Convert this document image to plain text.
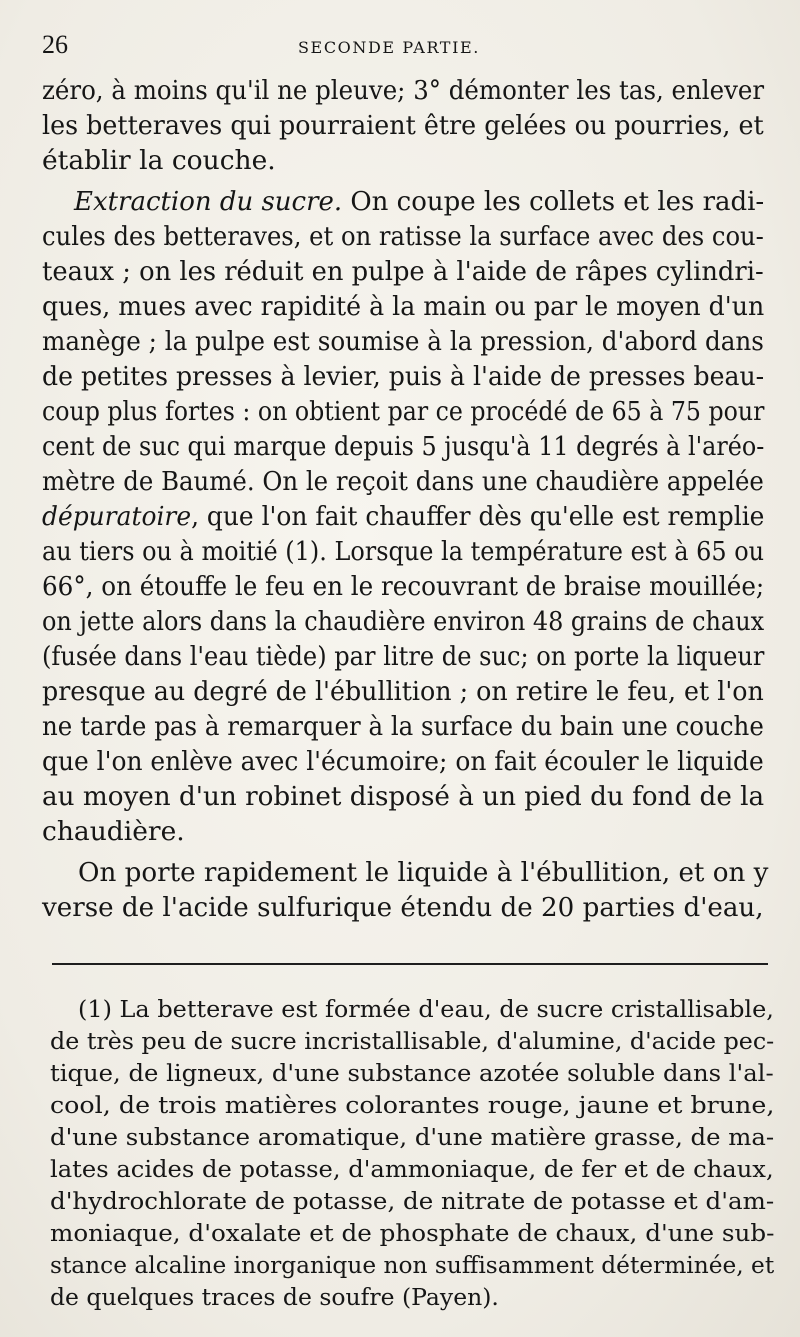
26	SECONDE PARTIE.
zéro, à moins qu'il ne pleuve; 3° démonter les tas, enlever
les betteraves qui pourraient être gelées ou pourries, et
établir la couche.
Extraction du sucre. On coupe les collets et les radi-
cules des betteraves, et on ratisse la surface avec des cou-
teaux ; on les réduit en pulpe à l'aide de râpes cylindri-
ques, mues avec rapidité à la main ou par le moyen d'un
manège ; la pulpe est soumise à la pression, d'abord dans
de petites presses à levier, puis à l'aide de presses beau-
coup plus fortes : on obtient par ce procédé de 65 à 75 pour
cent de suc qui marque depuis 5 jusqu'à 11 degrés à l'aréo-
mètre de Baumé. On le reçoit dans une chaudière appelée
dépuratoire, que l'on fait chauffer dès qu'elle est remplie
au tiers ou à moitié (1). Lorsque la température est à 65 ou
66°, on étouffe le feu en le recouvrant de braise mouillée;
on jette alors dans la chaudière environ 48 grains de chaux
(fusée dans l'eau tiède) par litre de suc; on porte la liqueur
presque au degré de l'ébullition ; on retire le feu, et l'on
ne tarde pas à remarquer à la surface du bain une couche
que l'on enlève avec l'écumoire; on fait écouler le liquide
au moyen d'un robinet disposé à un pied du fond de la
chaudière.
On porte rapidement le liquide à l'ébullition, et on y
verse de l'acide sulfurique étendu de 20 parties d'eau,
(1) La betterave est formée d'eau, de sucre cristallisable,
de très peu de sucre incristallisable, d'alumine, d'acide pec-
tique, de ligneux, d'une substance azotée soluble dans l'al-
cool, de trois matières colorantes rouge, jaune et brune,
d'une substance aromatique, d'une matière grasse, de ma-
lates acides de potasse, d'ammoniaque, de fer et de chaux,
d'hydrochlorate de potasse, de nitrate de potasse et d'am-
moniaque, d'oxalate et de phosphate de chaux, d'une sub-
stance alcaline inorganique non suffisamment déterminée, et
de quelques traces de soufre (Payen).
